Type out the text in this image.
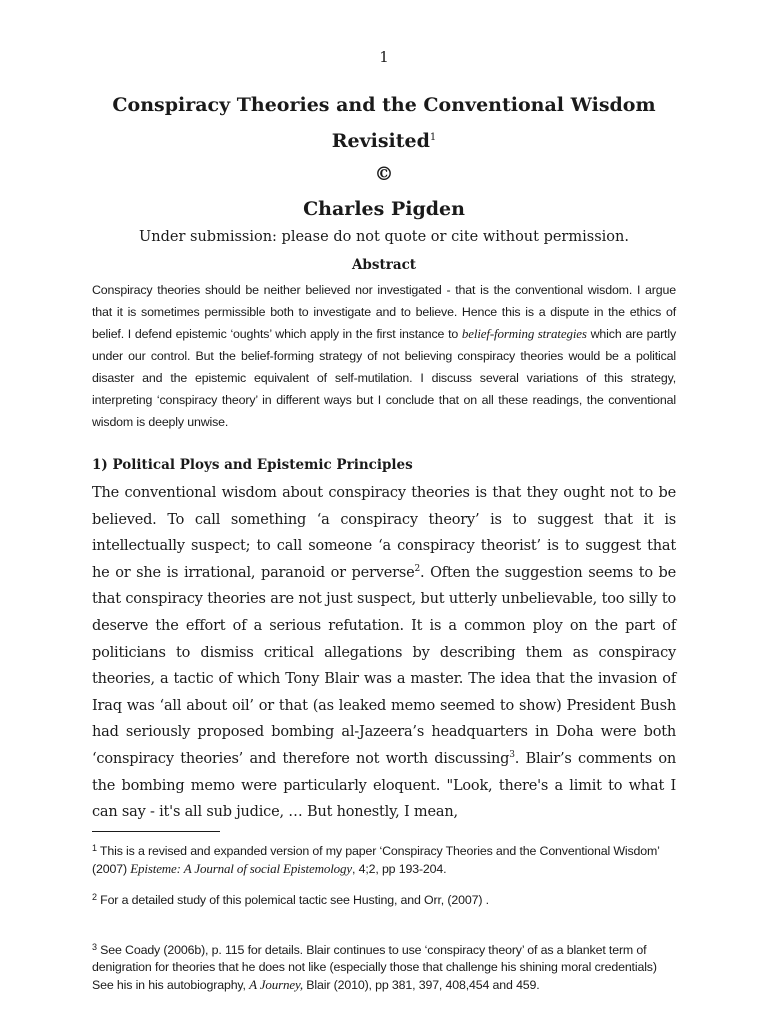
1
Conspiracy Theories and the Conventional Wisdom
Revisited$^1$
©
Charles Pigden
Under submission: please do not quote or cite without permission.
Abstract
Conspiracy theories should be neither believed nor investigated - that is the conventional wisdom. I argue that it is sometimes permissible both to investigate and to believe. Hence this is a dispute in the ethics of belief. I defend epistemic ‘oughts’ which apply in the first instance to belief-forming strategies which are partly under our control. But the belief-forming strategy of not believing conspiracy theories would be a political disaster and the epistemic equivalent of self-mutilation. I discuss several variations of this strategy, interpreting ‘conspiracy theory’ in different ways but I conclude that on all these readings, the conventional wisdom is deeply unwise.
1) Political Ploys and Epistemic Principles
The conventional wisdom about conspiracy theories is that they ought not to be believed. To call something ‘a conspiracy theory’ is to suggest that it is intellectually suspect; to call someone ‘a conspiracy theorist’ is to suggest that he or she is irrational, paranoid or perverse$^2$. Often the suggestion seems to be that conspiracy theories are not just suspect, but utterly unbelievable, too silly to deserve the effort of a serious refutation. It is a common ploy on the part of politicians to dismiss critical allegations by describing them as conspiracy theories, a tactic of which Tony Blair was a master. The idea that the invasion of Iraq was ‘all about oil’ or that (as leaked memo seemed to show) President Bush had seriously proposed bombing al-Jazeera’s headquarters in Doha were both ‘conspiracy theories’ and therefore not worth discussing$^3$. Blair’s comments on the bombing memo were particularly eloquent. "Look, there's a limit to what I can say - it's all sub judice, … But honestly, I mean,
$^1$ This is a revised and expanded version of my paper ‘Conspiracy Theories and the Conventional Wisdom’ (2007) Episteme: A Journal of social Epistemology, 4;2, pp 193-204.
$^2$ For a detailed study of this polemical tactic see Husting, and Orr, (2007) .
$^3$ See Coady (2006b), p. 115 for details. Blair continues to use ‘conspiracy theory’ of as a blanket term of denigration for theories that he does not like (especially those that challenge his shining moral credentials) See his in his autobiography, A Journey, Blair (2010), pp 381, 397, 408,454 and 459.
